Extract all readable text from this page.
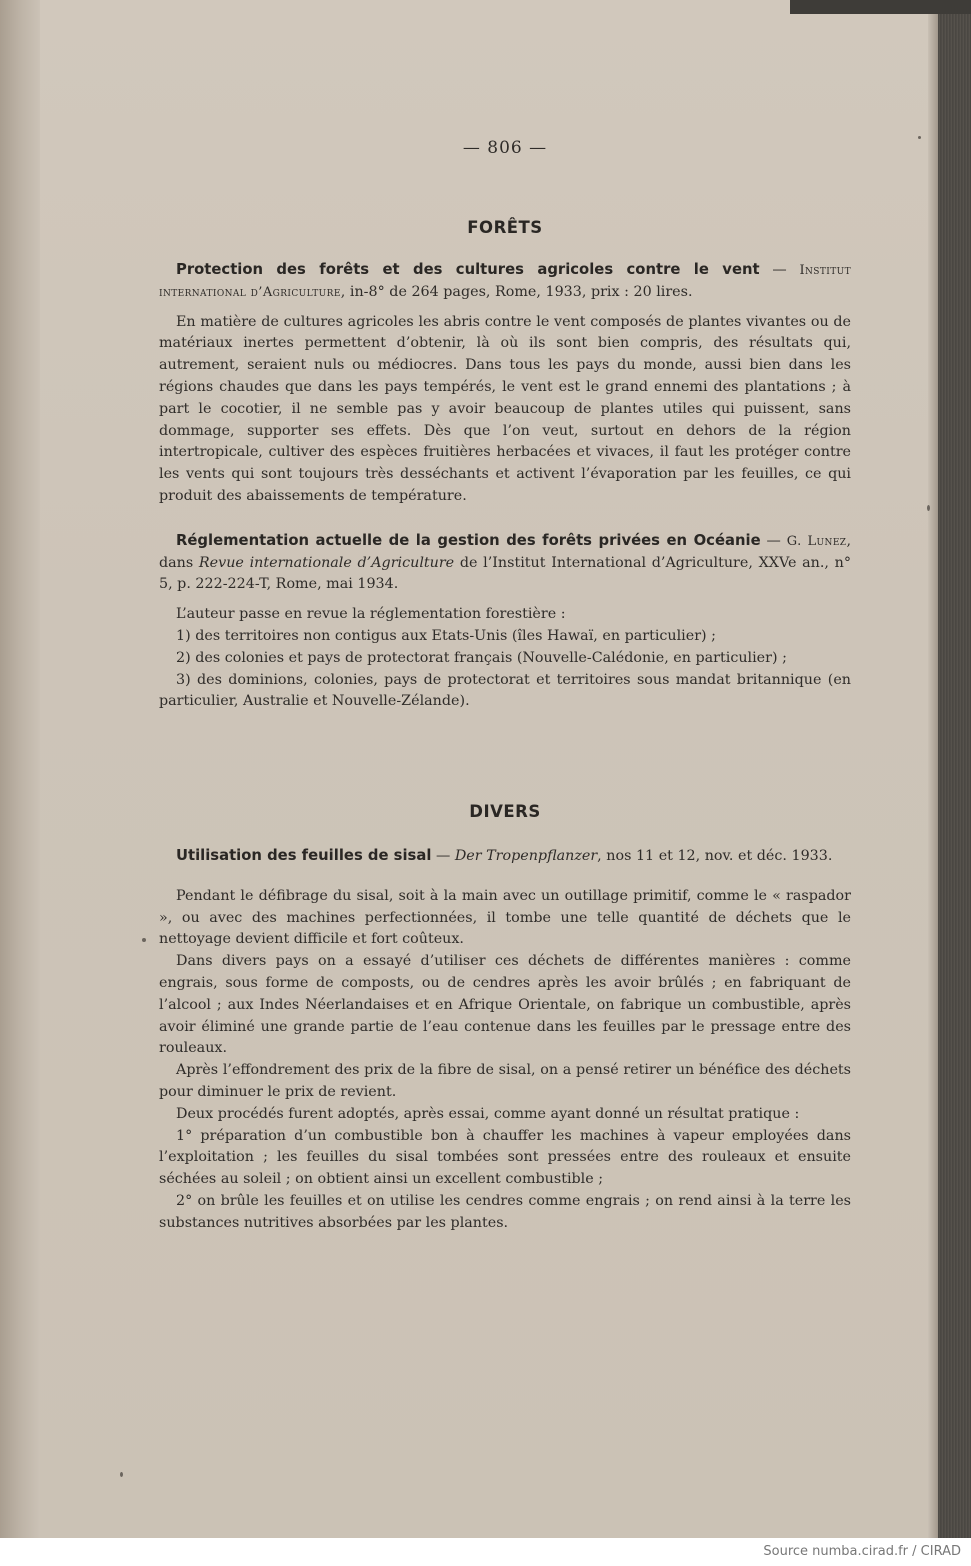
— 806 —
FORÊTS

Protection des forêts et des cultures agricoles contre le vent — Institut international d’Agriculture, in-8° de 264 pages, Rome, 1933, prix : 20 lires.

En matière de cultures agricoles les abris contre le vent composés de plantes vivantes ou de matériaux inertes permettent d’obtenir, là où ils sont bien compris, des résultats qui, autrement, seraient nuls ou médiocres. Dans tous les pays du monde, aussi bien dans les régions chaudes que dans les pays tempérés, le vent est le grand ennemi des plantations ; à part le cocotier, il ne semble pas y avoir beaucoup de plantes utiles qui puissent, sans dommage, supporter ses effets. Dès que l’on veut, surtout en dehors de la région intertropicale, cultiver des espèces fruitières herbacées et vivaces, il faut les protéger contre les vents qui sont toujours très desséchants et activent l’évaporation par les feuilles, ce qui produit des abaissements de température.

Réglementation actuelle de la gestion des forêts privées en Océanie — G. Lunez, dans Revue internationale d’Agriculture de l’Institut International d’Agriculture, XXVe an., n° 5, p. 222-224-T, Rome, mai 1934.

L’auteur passe en revue la réglementation forestière :

1) des territoires non contigus aux Etats-Unis (îles Hawaï, en particulier) ;

2) des colonies et pays de protectorat français (Nouvelle-Calédonie, en particulier) ;

3) des dominions, colonies, pays de protectorat et territoires sous mandat britannique (en particulier, Australie et Nouvelle-Zélande).

DIVERS

Utilisation des feuilles de sisal — Der Tropenpflanzer, nos 11 et 12, nov. et déc. 1933.

Pendant le défibrage du sisal, soit à la main avec un outillage primitif, comme le « raspador », ou avec des machines perfectionnées, il tombe une telle quantité de déchets que le nettoyage devient difficile et fort coûteux.

Dans divers pays on a essayé d’utiliser ces déchets de différentes manières : comme engrais, sous forme de composts, ou de cendres après les avoir brûlés ; en fabriquant de l’alcool ; aux Indes Néerlandaises et en Afrique Orientale, on fabrique un combustible, après avoir éliminé une grande partie de l’eau contenue dans les feuilles par le pressage entre des rouleaux.

Après l’effondrement des prix de la fibre de sisal, on a pensé retirer un bénéfice des déchets pour diminuer le prix de revient.

Deux procédés furent adoptés, après essai, comme ayant donné un résultat pratique :

1° préparation d’un combustible bon à chauffer les machines à vapeur employées dans l’exploitation ; les feuilles du sisal tombées sont pressées entre des rouleaux et ensuite séchées au soleil ; on obtient ainsi un excellent combustible ;

2° on brûle les feuilles et on utilise les cendres comme engrais ; on rend ainsi à la terre les substances nutritives absorbées par les plantes.

Source numba.cirad.fr / CIRAD
